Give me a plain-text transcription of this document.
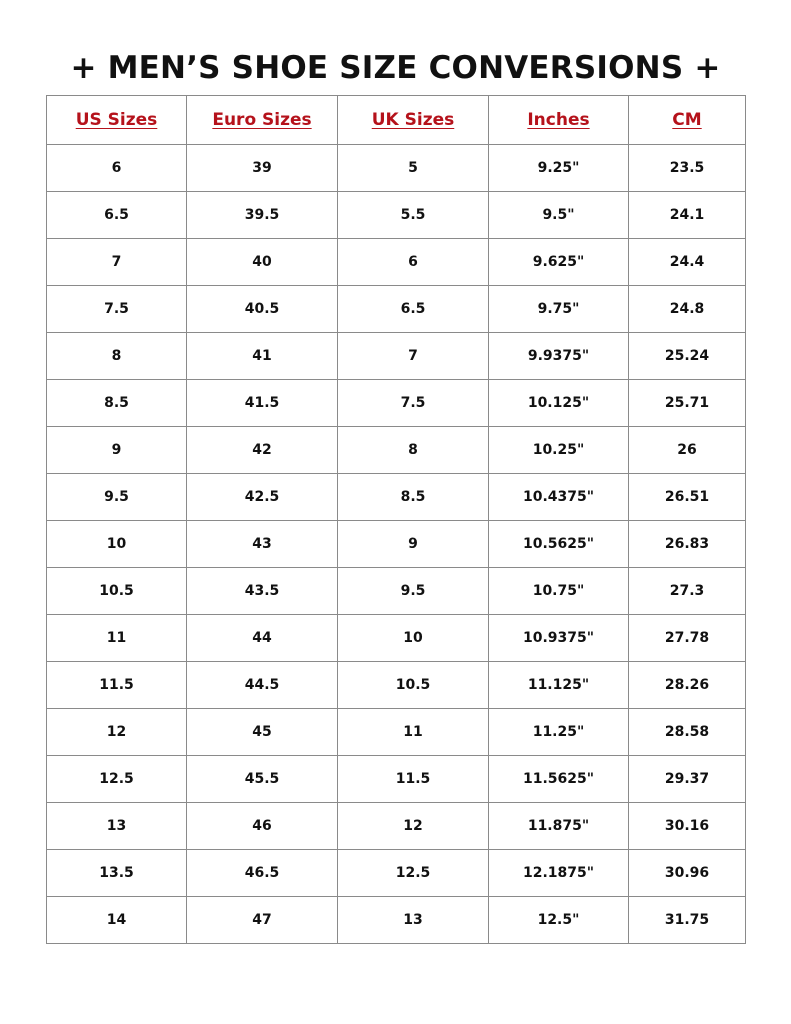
+ MEN’S SHOE SIZE CONVERSIONS +
US Sizes	Euro Sizes	UK Sizes	Inches	CM
6	39	5	9.25"	23.5
6.5	39.5	5.5	9.5"	24.1
7	40	6	9.625"	24.4
7.5	40.5	6.5	9.75"	24.8
8	41	7	9.9375"	25.24
8.5	41.5	7.5	10.125"	25.71
9	42	8	10.25"	26
9.5	42.5	8.5	10.4375"	26.51
10	43	9	10.5625"	26.83
10.5	43.5	9.5	10.75"	27.3
11	44	10	10.9375"	27.78
11.5	44.5	10.5	11.125"	28.26
12	45	11	11.25"	28.58
12.5	45.5	11.5	11.5625"	29.37
13	46	12	11.875"	30.16
13.5	46.5	12.5	12.1875"	30.96
14	47	13	12.5"	31.75
